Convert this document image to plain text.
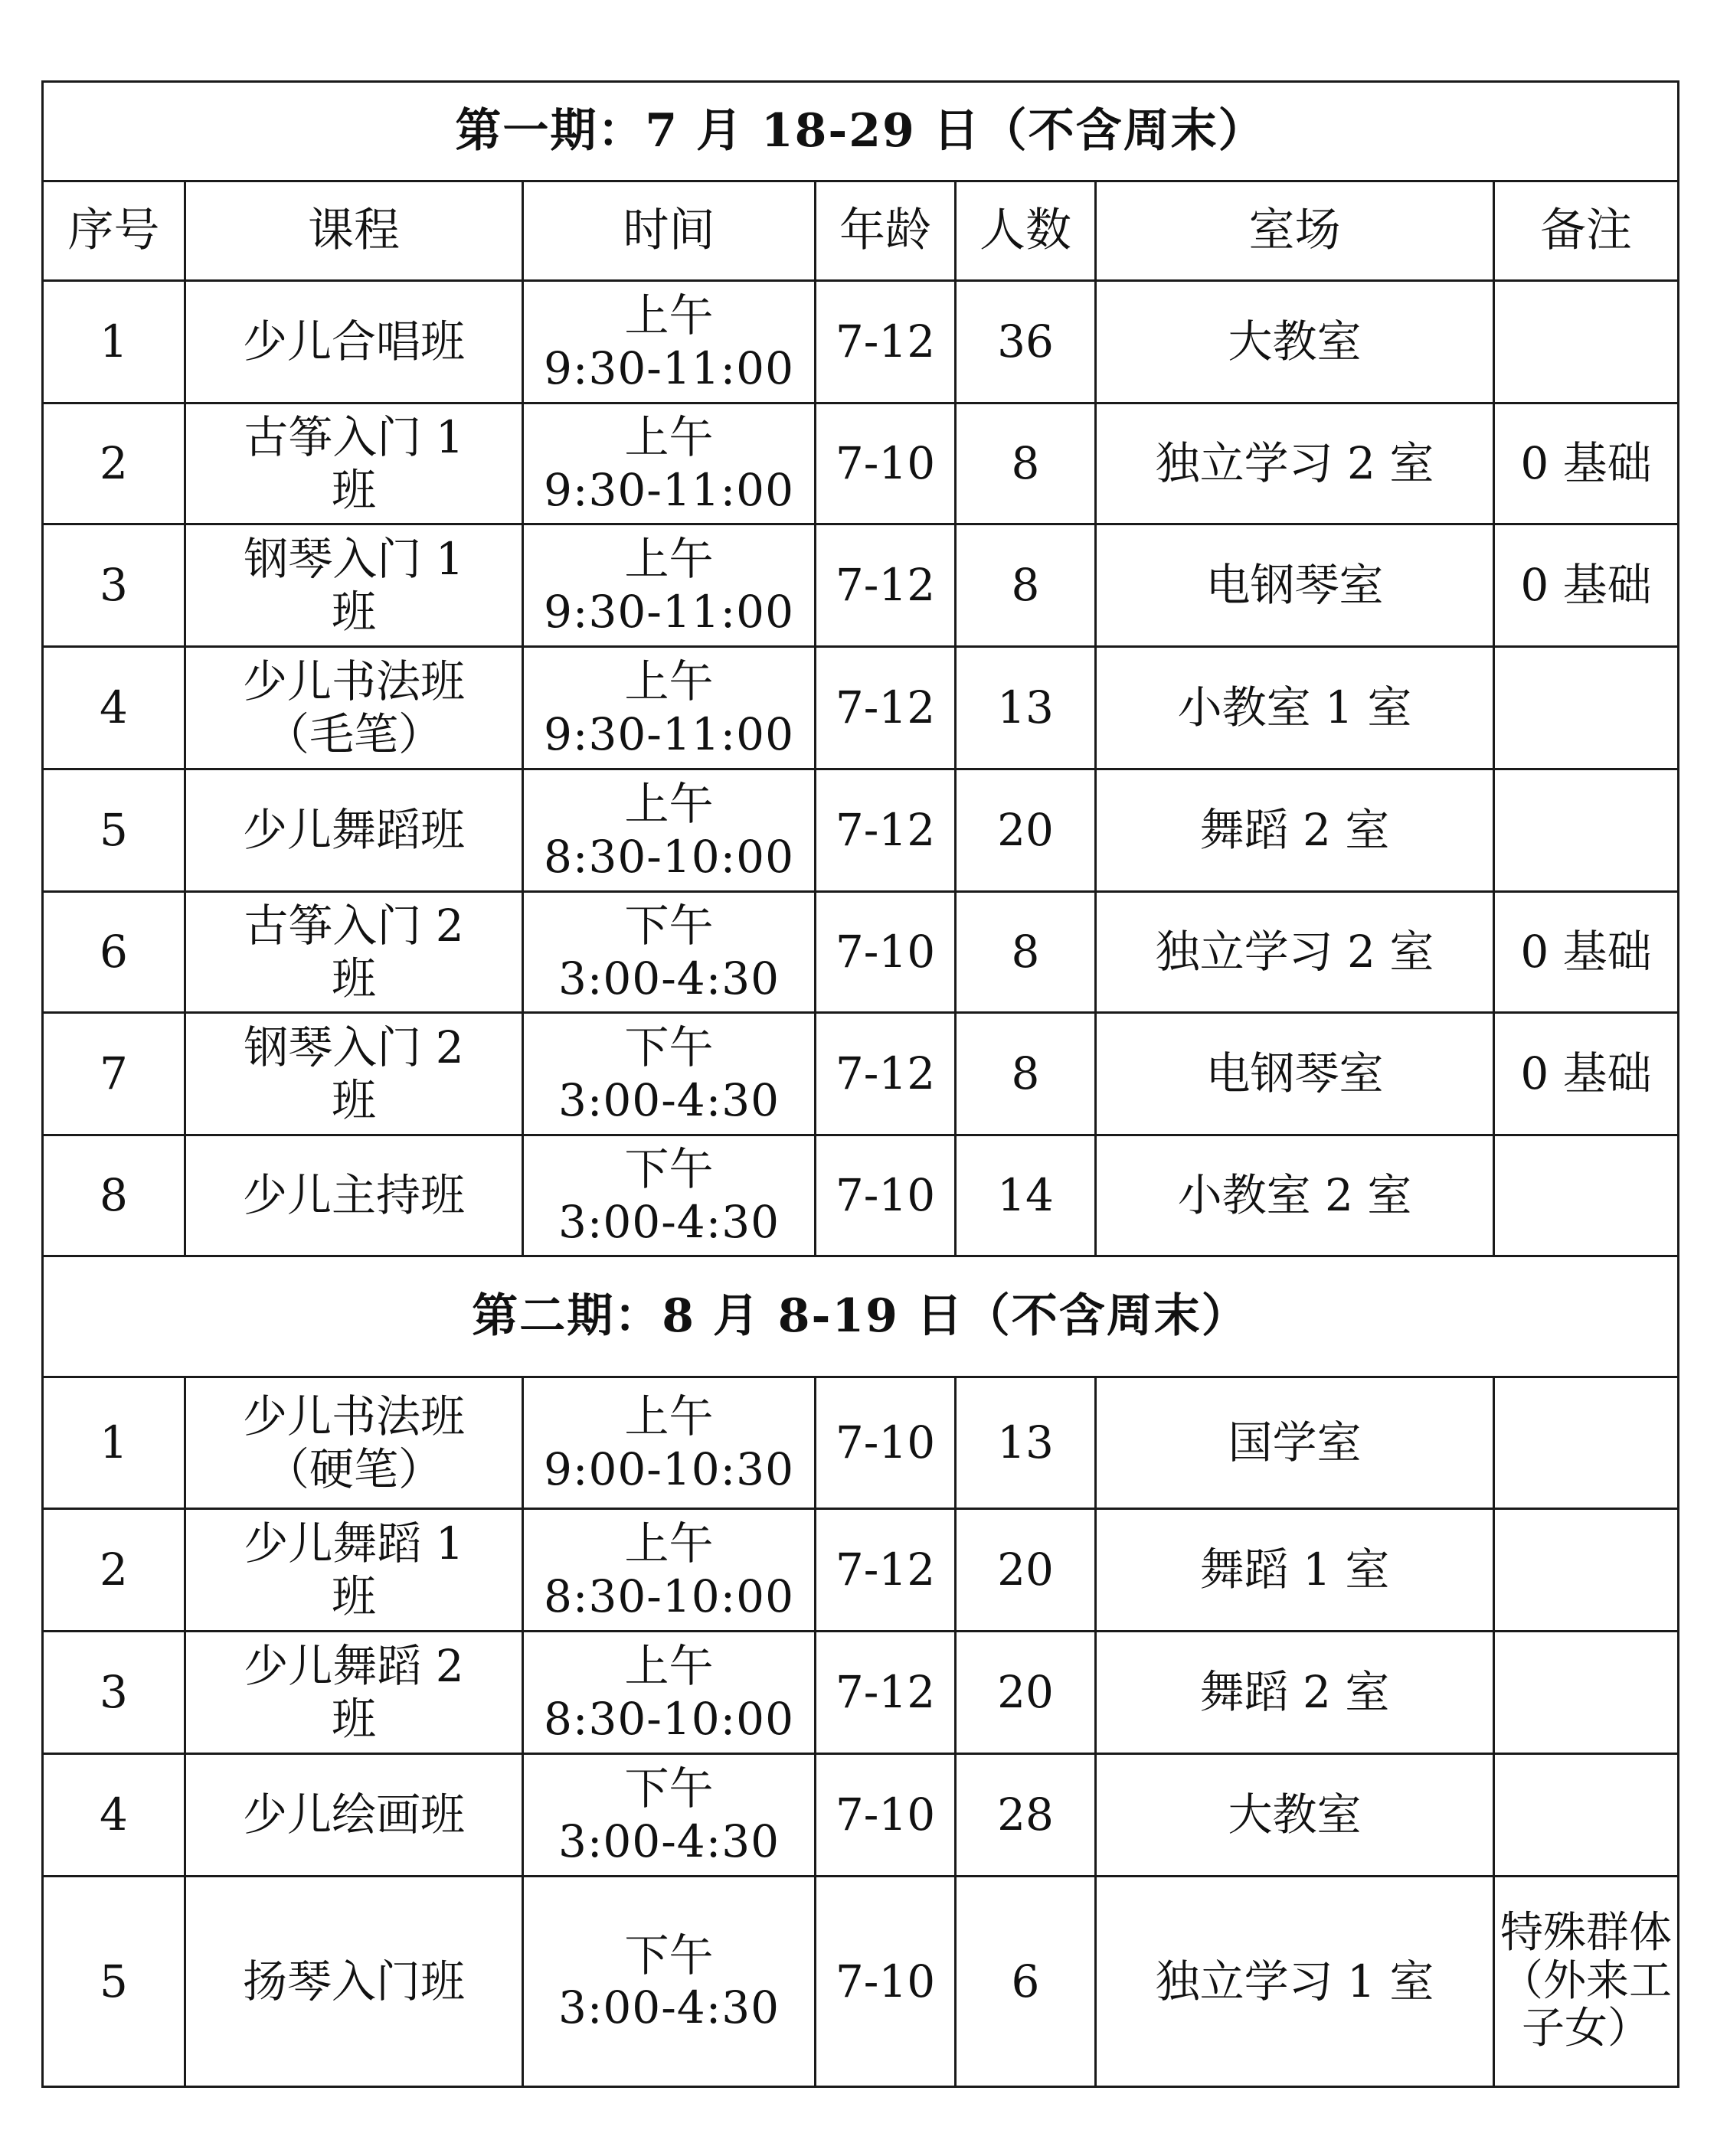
第一期：7 月 18-29 日（不含周末）						
序号	课程	时间	年龄	人数	室场	备注
1	少儿合唱班	上午
9:30-11:00	7-12	36	大教室	
2	古筝入门 1 班	上午
9:30-11:00	7-10	8	独立学习 2 室	0 基础
3	钢琴入门 1 班	上午
9:30-11:00	7-12	8	电钢琴室	0 基础
4	少儿书法班（毛笔）	上午
9:30-11:00	7-12	13	小教室 1 室	
5	少儿舞蹈班	上午
8:30-10:00	7-12	20	舞蹈 2 室	
6	古筝入门 2 班	下午
3:00-4:30	7-10	8	独立学习 2 室	0 基础
7	钢琴入门 2 班	下午
3:00-4:30	7-12	8	电钢琴室	0 基础
8	少儿主持班	下午
3:00-4:30	7-10	14	小教室 2 室	
第二期：8 月 8-19 日（不含周末）						
1	少儿书法班（硬笔）	上午
9:00-10:30	7-10	13	国学室	
2	少儿舞蹈 1 班	上午
8:30-10:00	7-12	20	舞蹈 1 室	
3	少儿舞蹈 2 班	上午
8:30-10:00	7-12	20	舞蹈 2 室	
4	少儿绘画班	下午
3:00-4:30	7-10	28	大教室	
5	扬琴入门班	下午
3:00-4:30	7-10	6	独立学习 1 室	特殊群体（外来工子女）
